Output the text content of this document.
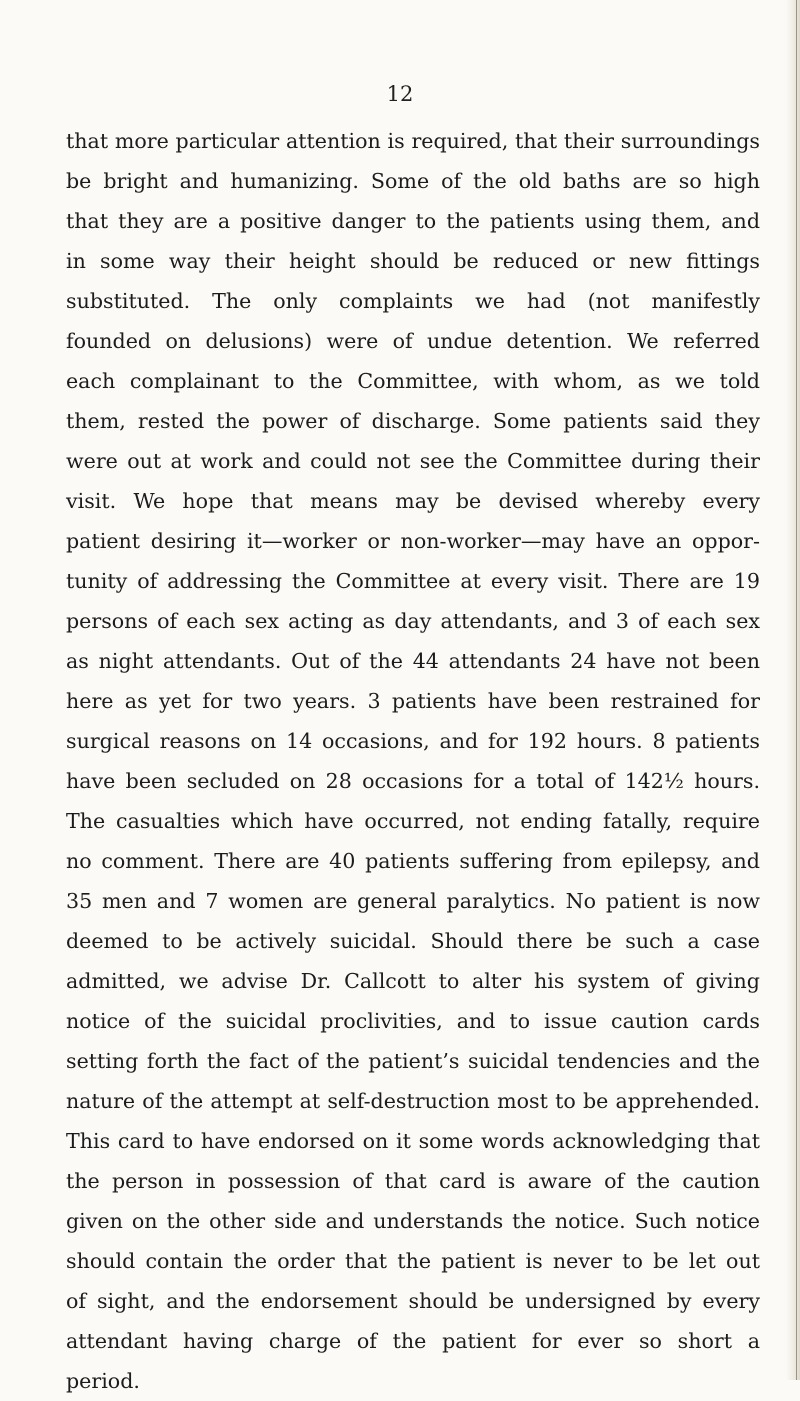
12
that more particular attention is required, that their surroundings
be bright and humanizing. Some of the old baths are so high
that they are a positive danger to the patients using them, and
in some way their height should be reduced or new fittings
substituted. The only complaints we had (not manifestly
founded on delusions) were of undue detention. We referred
each complainant to the Committee, with whom, as we told
them, rested the power of discharge. Some patients said they
were out at work and could not see the Committee during their
visit. We hope that means may be devised whereby every
patient desiring it—worker or non-worker—may have an oppor-
tunity of addressing the Committee at every visit. There are 19
persons of each sex acting as day attendants, and 3 of each sex
as night attendants. Out of the 44 attendants 24 have not been
here as yet for two years. 3 patients have been restrained for
surgical reasons on 14 occasions, and for 192 hours. 8 patients
have been secluded on 28 occasions for a total of 142½ hours.
The casualties which have occurred, not ending fatally, require
no comment. There are 40 patients suffering from epilepsy, and
35 men and 7 women are general paralytics. No patient is now
deemed to be actively suicidal. Should there be such a case
admitted, we advise Dr. Callcott to alter his system of giving
notice of the suicidal proclivities, and to issue caution cards
setting forth the fact of the patient’s suicidal tendencies and the
nature of the attempt at self-destruction most to be apprehended.
This card to have endorsed on it some words acknowledging that
the person in possession of that card is aware of the caution
given on the other side and understands the notice. Such notice
should contain the order that the patient is never to be let out
of sight, and the endorsement should be undersigned by every
attendant having charge of the patient for ever so short a
period.
